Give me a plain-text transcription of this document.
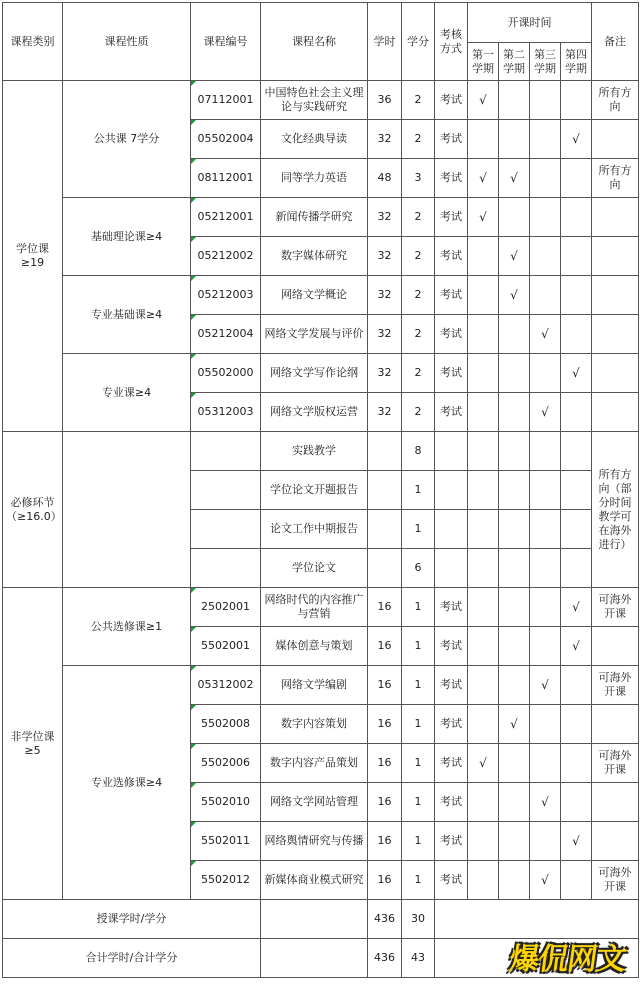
课程类别	课程性质	课程编号	课程名称	学时	学分	考核方式	开课时间				备注
							第一学期	第二学期	第三学期	第四学期	
学位课≥19	公共课 7学分	07112001	中国特色社会主义理论与实践研究	36	2	考试	√				所有方向
		05502004	文化经典导读	32	2	考试				√	
		08112001	同等学力英语	48	3	考试	√	√			所有方向
	基础理论课≥4	05212001	新闻传播学研究	32	2	考试	√				
		05212002	数字媒体研究	32	2	考试		√			
	专业基础课≥4	05212003	网络文学概论	32	2	考试		√			
		05212004	网络文学发展与评价	32	2	考试			√		
	专业课≥4	05502000	网络文学写作论纲	32	2	考试				√	
		05312003	网络文学版权运营	32	2	考试			√		
必修环节（≥16.0）			实践教学		8						所有方向（部分时间教学可在海外进行）
			学位论文开题报告		1						
			论文工作中期报告		1						
			学位论文		6						
非学位课≥5	公共选修课≥1	2502001	网络时代的内容推广与营销	16	1	考试				√	可海外开课
		5502001	媒体创意与策划	16	1	考试				√	
	专业选修课≥4	05312002	网络文学编剧	16	1	考试			√		可海外开课
		5502008	数字内容策划	16	1	考试		√			
		5502006	数字内容产品策划	16	1	考试	√				可海外开课
		5502010	网络文学网站管理	16	1	考试			√		
		5502011	网络舆情研究与传播	16	1	考试				√	
		5502012	新媒体商业模式研究	16	1	考试			√		可海外开课
授课学时/学分				436	30						
合计学时/合计学分				436	43							爆侃网文
